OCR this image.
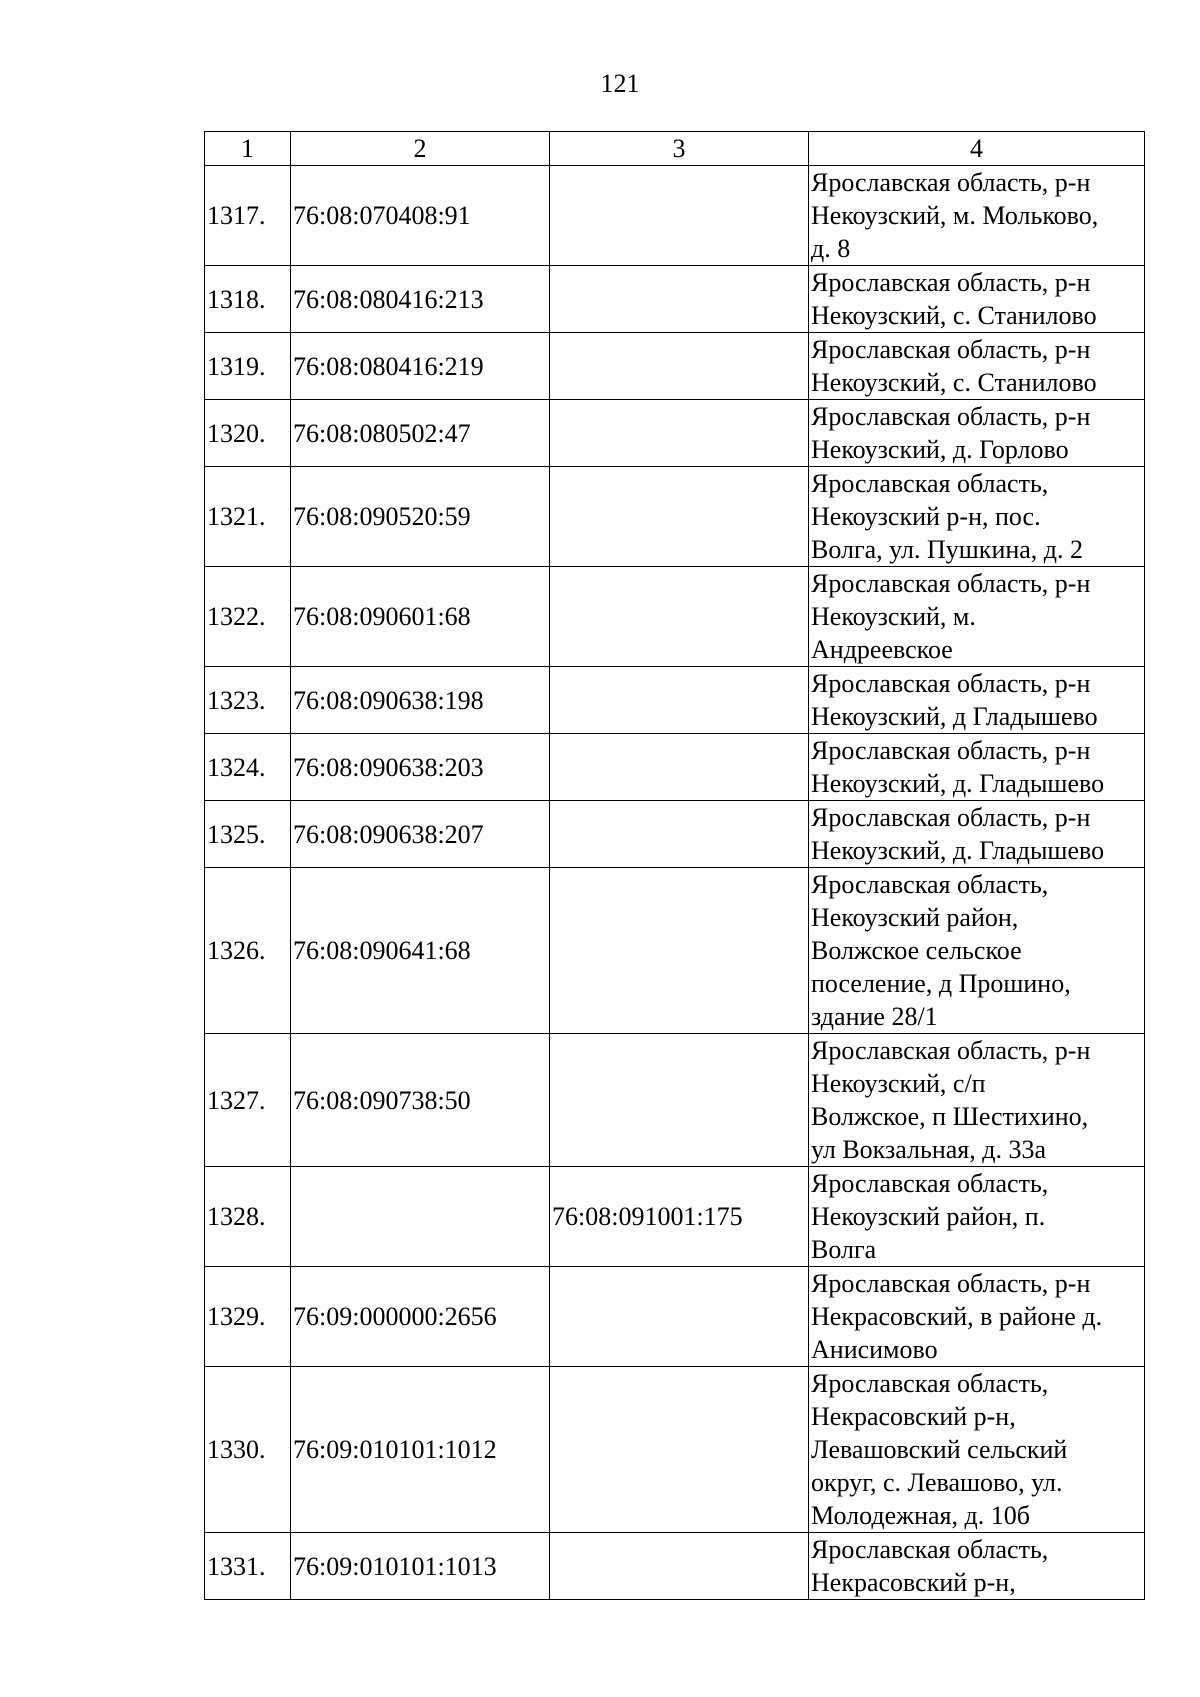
121
1	2	3	4
1317.	76:08:070408:91		Ярославская область, р-н
Некоузский, м. Мольково,
д. 8

1318.	76:08:080416:213		Ярославская область, р-н
Некоузский, с. Станилово

1319.	76:08:080416:219		Ярославская область, р-н
Некоузский, с. Станилово

1320.	76:08:080502:47		Ярославская область, р-н
Некоузский, д. Горлово

1321.	76:08:090520:59		Ярославская область,
Некоузский р-н, пос.
Волга, ул. Пушкина, д. 2

1322.	76:08:090601:68		Ярославская область, р-н
Некоузский, м.
Андреевское

1323.	76:08:090638:198		Ярославская область, р-н
Некоузский, д Гладышево

1324.	76:08:090638:203		Ярославская область, р-н
Некоузский, д. Гладышево

1325.	76:08:090638:207		Ярославская область, р-н
Некоузский, д. Гладышево

1326.	76:08:090641:68		Ярославская область,
Некоузский район,
Волжское сельское
поселение, д Прошино,
здание 28/1

1327.	76:08:090738:50		Ярославская область, р-н
Некоузский, с/п
Волжское, п Шестихино,
ул Вокзальная, д. 33а

1328.		76:08:091001:175	Ярославская область,
Некоузский район, п.
Волга

1329.	76:09:000000:2656		Ярославская область, р-н
Некрасовский, в районе д.
Анисимово

1330.	76:09:010101:1012		Ярославская область,
Некрасовский р-н,
Левашовский сельский
округ, с. Левашово, ул.
Молодежная, д. 10б

1331.	76:09:010101:1013		Ярославская область,
Некрасовский р-н,
